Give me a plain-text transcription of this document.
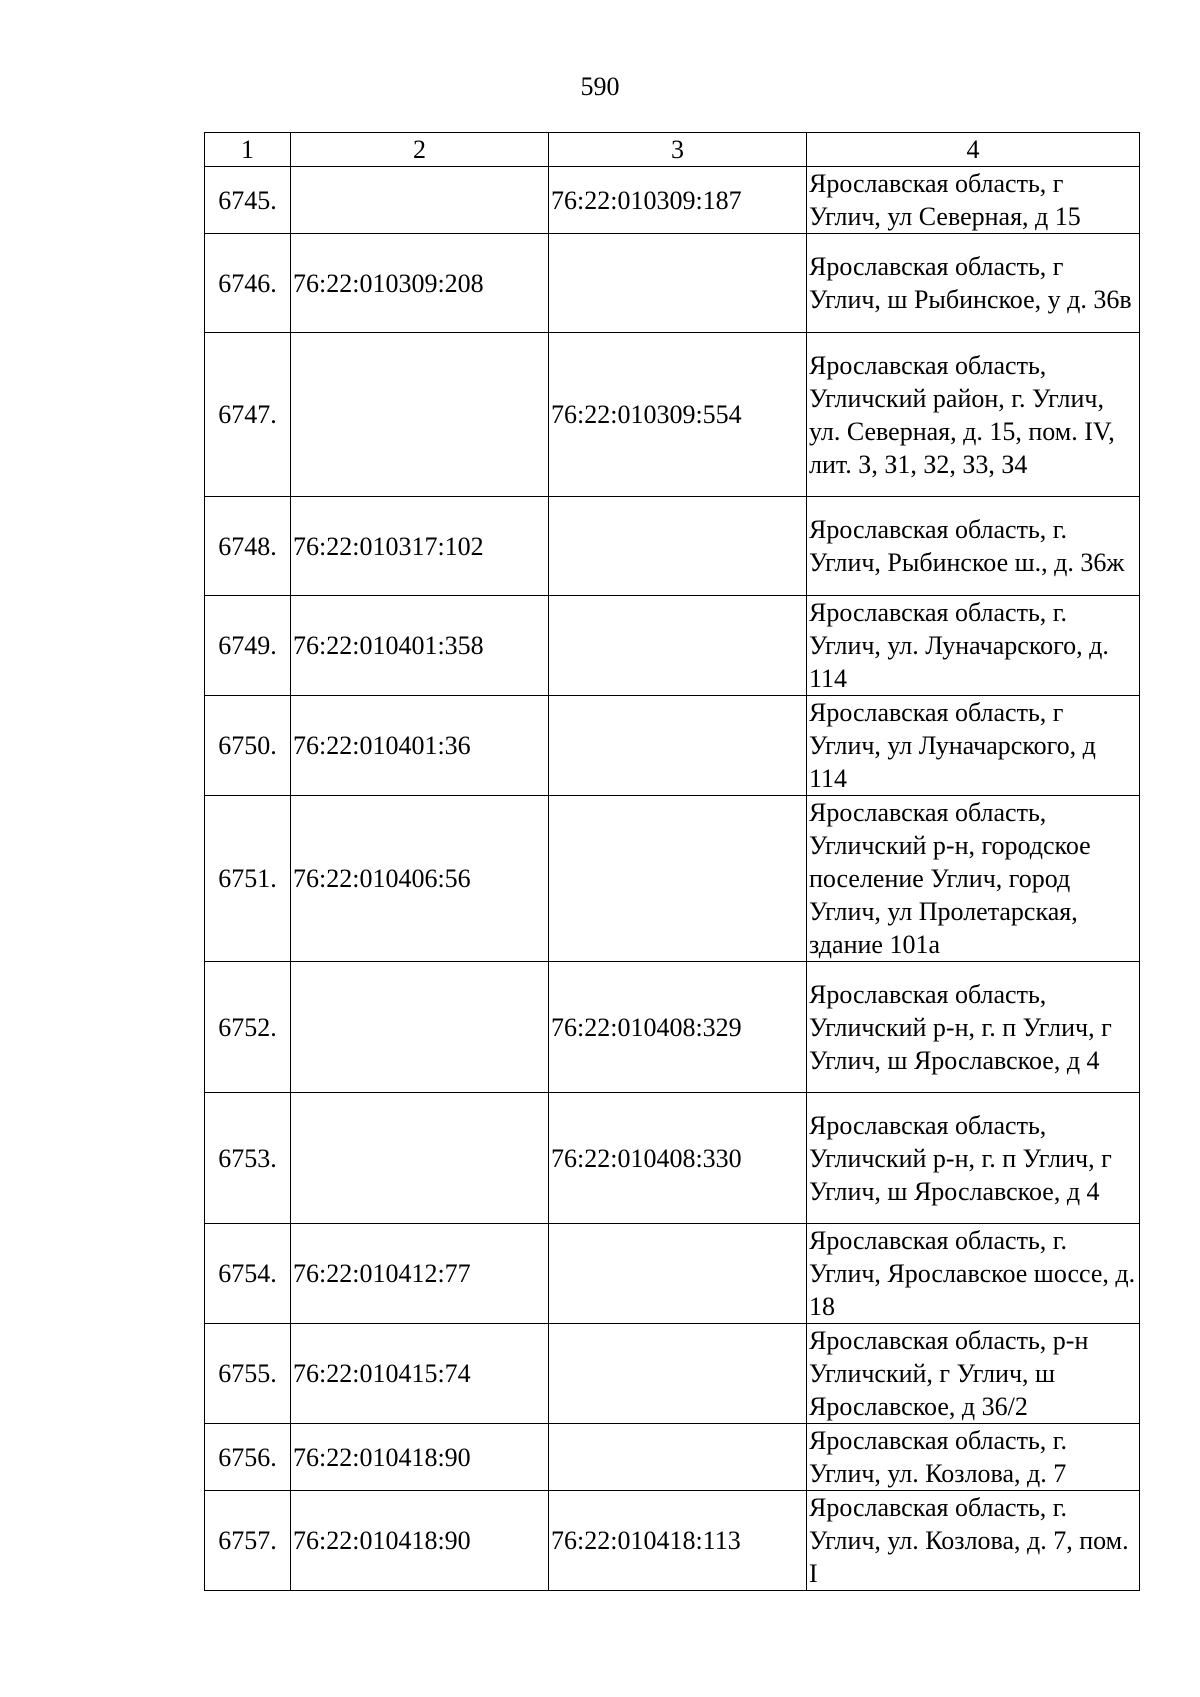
590
1	2	3	4
6745.		76:22:010309:187	Ярославская область, г Углич, ул Северная, д 15
6746.	76:22:010309:208		Ярославская область, г Углич, ш Рыбинское, у д. 36в
6747.		76:22:010309:554	Ярославская область, Угличский район, г. Углич, ул. Северная, д. 15, пом. IV, лит. З, З1, З2, З3, З4
6748.	76:22:010317:102		Ярославская область, г. Углич, Рыбинское ш., д. 36ж
6749.	76:22:010401:358		Ярославская область, г. Углич, ул. Луначарского, д. 114
6750.	76:22:010401:36		Ярославская область, г Углич, ул Луначарского, д 114
6751.	76:22:010406:56		Ярославская область, Угличский р-н, городское поселение Углич, город Углич, ул Пролетарская, здание 101а
6752.		76:22:010408:329	Ярославская область, Угличский р-н, г. п Углич, г Углич, ш Ярославское, д 4
6753.		76:22:010408:330	Ярославская область, Угличский р-н, г. п Углич, г Углич, ш Ярославское, д 4
6754.	76:22:010412:77		Ярославская область, г. Углич, Ярославское шоссе, д. 18
6755.	76:22:010415:74		Ярославская область, р-н Угличский, г Углич, ш Ярославское, д 36/2
6756.	76:22:010418:90		Ярославская область, г. Углич, ул. Козлова, д. 7
6757.	76:22:010418:90	76:22:010418:113	Ярославская область, г. Углич, ул. Козлова, д. 7, пом. I
